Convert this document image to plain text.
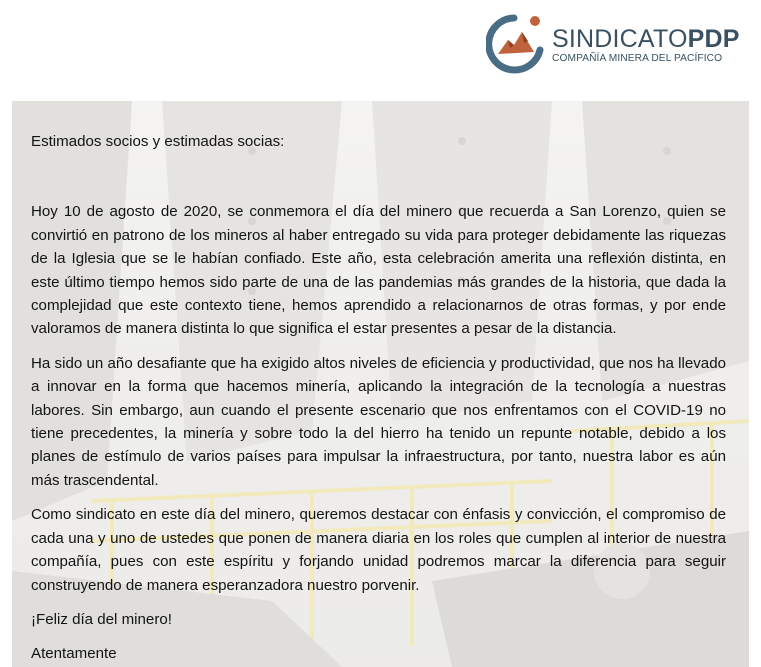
SINDICATOPDP
COMPAÑÍA MINERA DEL PACÍFICO

Estimados socios y estimadas socias:

Hoy 10 de agosto de 2020, se conmemora el día del minero que recuerda a San Lorenzo, quien se convirtió en patrono de los mineros al haber entregado su vida para proteger debidamente las riquezas de la Iglesia que se le habían confiado. Este año, esta celebración amerita una reflexión distinta, en este último tiempo hemos sido parte de una de las pandemias más grandes de la historia, que dada la complejidad que este contexto tiene, hemos aprendido a relacionarnos de otras formas, y por ende valoramos de manera distinta lo que significa el estar presentes a pesar de la distancia.

Ha sido un año desafiante que ha exigido altos niveles de eficiencia y productividad, que nos ha llevado a innovar en la forma que hacemos minería, aplicando la integración de la tecnología a nuestras labores. Sin embargo, aun cuando el presente escenario que nos enfrentamos con el COVID-19 no tiene precedentes, la minería y sobre todo la del hierro ha tenido un repunte notable, debido a los planes de estímulo de varios países para impulsar la infraestructura, por tanto, nuestra labor es aún más trascendental.

Como sindicato en este día del minero, queremos destacar con énfasis y convicción, el compromiso de cada una y uno de ustedes que ponen de manera diaria en los roles que cumplen al interior de nuestra compañía, pues con este espíritu y forjando unidad podremos marcar la diferencia para seguir construyendo de manera esperanzadora nuestro porvenir.

¡Feliz día del minero!

Atentamente
